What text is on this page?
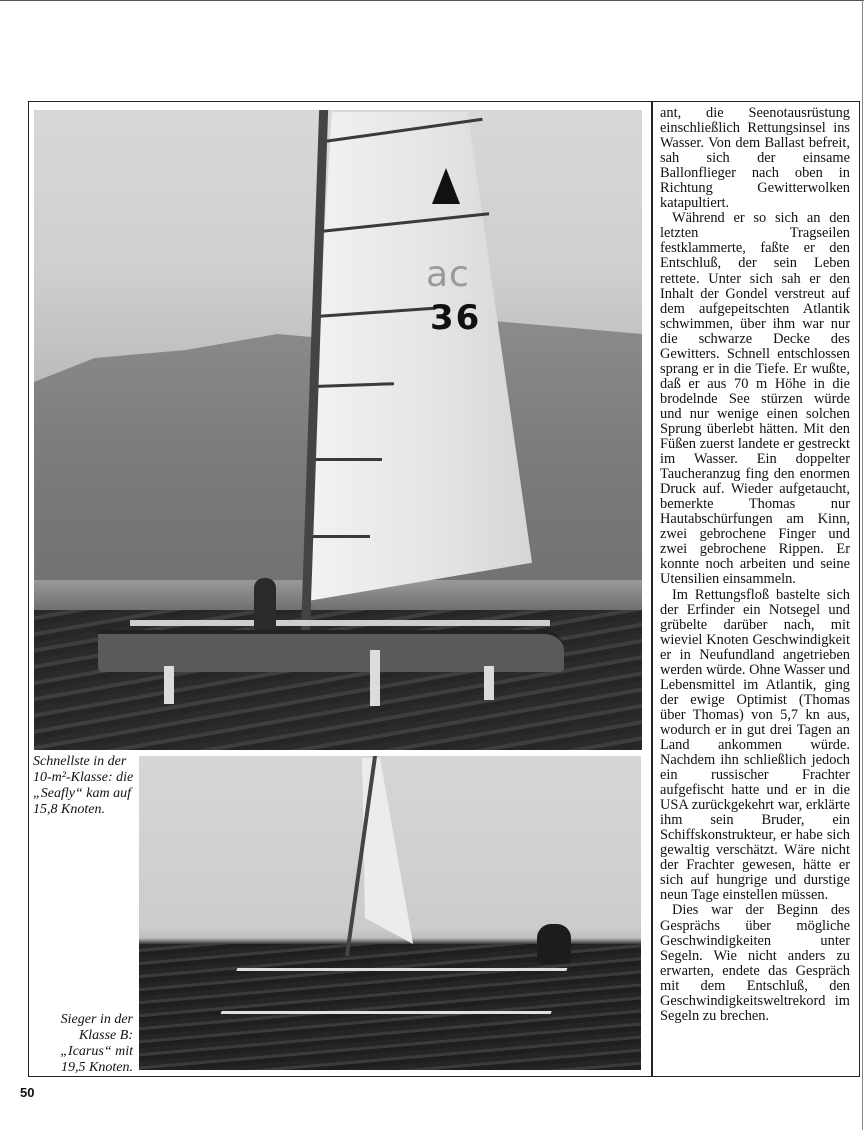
ac
36
Schnellste in der 10-m²-Klasse: die „Seafly“ kam auf 15,8 Knoten.
Sieger in der Klasse B: „Icarus“ mit 19,5 Knoten.

ant, die Seenotausrüstung einschließlich Rettungsinsel ins Wasser. Von dem Ballast befreit, sah sich der einsame Ballonflieger nach oben in Richtung Gewitterwolken katapultiert.

Während er so sich an den letzten Tragseilen festklammerte, faßte er den Entschluß, der sein Leben rettete. Unter sich sah er den Inhalt der Gondel verstreut auf dem aufgepeitschten Atlantik schwimmen, über ihm war nur die schwarze Decke des Gewitters. Schnell entschlossen sprang er in die Tiefe. Er wußte, daß er aus 70 m Höhe in die brodelnde See stürzen würde und nur wenige einen solchen Sprung überlebt hätten. Mit den Füßen zuerst landete er gestreckt im Wasser. Ein doppelter Taucheranzug fing den enormen Druck auf. Wieder aufgetaucht, bemerkte Thomas nur Hautabschürfungen am Kinn, zwei gebrochene Finger und zwei gebrochene Rippen. Er konnte noch arbeiten und seine Utensilien einsammeln.

Im Rettungsfloß bastelte sich der Erfinder ein Notsegel und grübelte darüber nach, mit wieviel Knoten Geschwindigkeit er in Neufundland angetrieben werden würde. Ohne Wasser und Lebensmittel im Atlantik, ging der ewige Optimist (Thomas über Thomas) von 5,7 kn aus, wodurch er in gut drei Tagen an Land ankommen würde. Nachdem ihn schließlich jedoch ein russischer Frachter aufgefischt hatte und er in die USA zurückgekehrt war, erklärte ihm sein Bruder, ein Schiffskonstrukteur, er habe sich gewaltig verschätzt. Wäre nicht der Frachter gewesen, hätte er sich auf hungrige und durstige neun Tage einstellen müssen.

Dies war der Beginn des Gesprächs über mögliche Geschwindigkeiten unter Segeln. Wie nicht anders zu erwarten, endete das Gespräch mit dem Entschluß, den Geschwindigkeitsweltrekord im Segeln zu brechen.

50
